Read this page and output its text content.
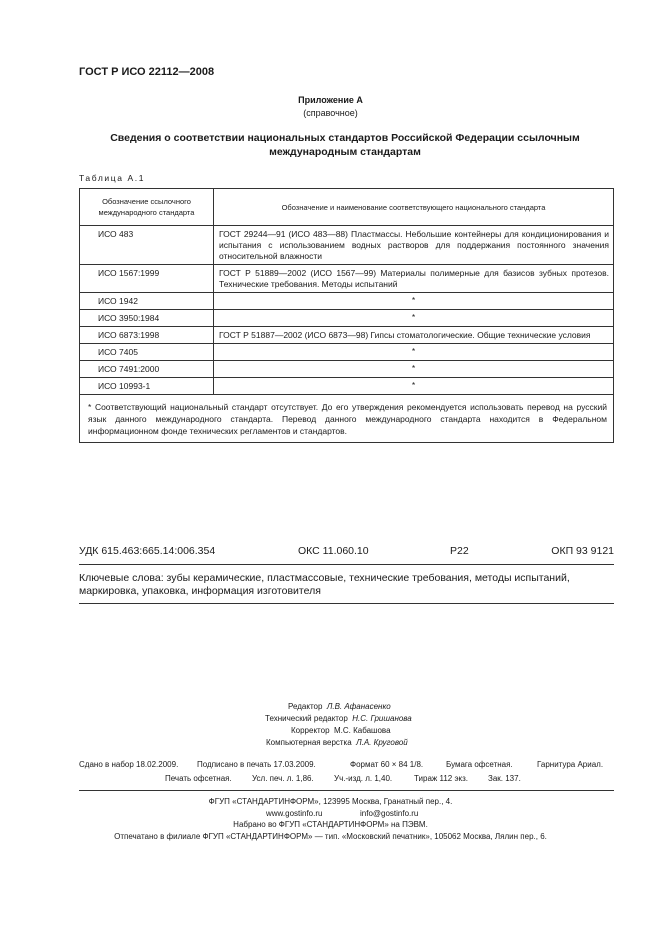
ГОСТ Р ИСО 22112—2008
Приложение А
(справочное)
Сведения о соответствии национальных стандартов Российской Федерации ссылочным
международным стандартам
Таблица А.1
Обозначение ссылочного международного стандарта	Обозначение и наименование соответствующего национального стандарта
ИСО 483	ГОСТ 29244—91 (ИСО 483—88) Пластмассы. Небольшие контейнеры для кондиционирования и испытания с использованием водных растворов для поддержания постоянного значения относительной влажности
ИСО 1567:1999	ГОСТ Р 51889—2002 (ИСО 1567—99) Материалы полимерные для базисов зубных протезов. Технические требования. Методы испытаний
ИСО 1942	*
ИСО 3950:1984	*
ИСО 6873:1998	ГОСТ Р 51887—2002 (ИСО 6873—98) Гипсы стоматологические. Общие технические условия
ИСО 7405	*
ИСО 7491:2000	*
ИСО 10993-1	*
* Соответствующий национальный стандарт отсутствует. До его утверждения рекомендуется использовать перевод на русский язык данного международного стандарта. Перевод данного международного стандарта находится в Федеральном информационном фонде технических регламентов и стандартов.	
УДК 615.463:665.14:006.354	ОКС 11.060.10	Р22	ОКП 93 9121
Ключевые слова: зубы керамические, пластмассовые, технические требования, методы испытаний, маркировка, упаковка, информация изготовителя
Редактор Л.В. Афанасенко
Технический редактор Н.С. Гришанова
Корректор М.С. Кабашова
Компьютерная верстка Л.А. Круговой
Сдано в набор 18.02.2009. Подписано в печать 17.03.2009.	Формат 60 × 84 1/8.	Бумага офсетная.	Гарнитура Ариал.
Печать офсетная.	Усл. печ. л. 1,86.	Уч.-изд. л. 1,40.	Тираж 112 экз. Зак. 137.
ФГУП «СТАНДАРТИНФОРМ», 123995 Москва, Гранатный пер., 4.
www.gostinfo.ru	info@gostinfo.ru
Набрано во ФГУП «СТАНДАРТИНФОРМ» на ПЭВМ.
Отпечатано в филиале ФГУП «СТАНДАРТИНФОРМ» — тип. «Московский печатник», 105062 Москва, Лялин пер., 6.
